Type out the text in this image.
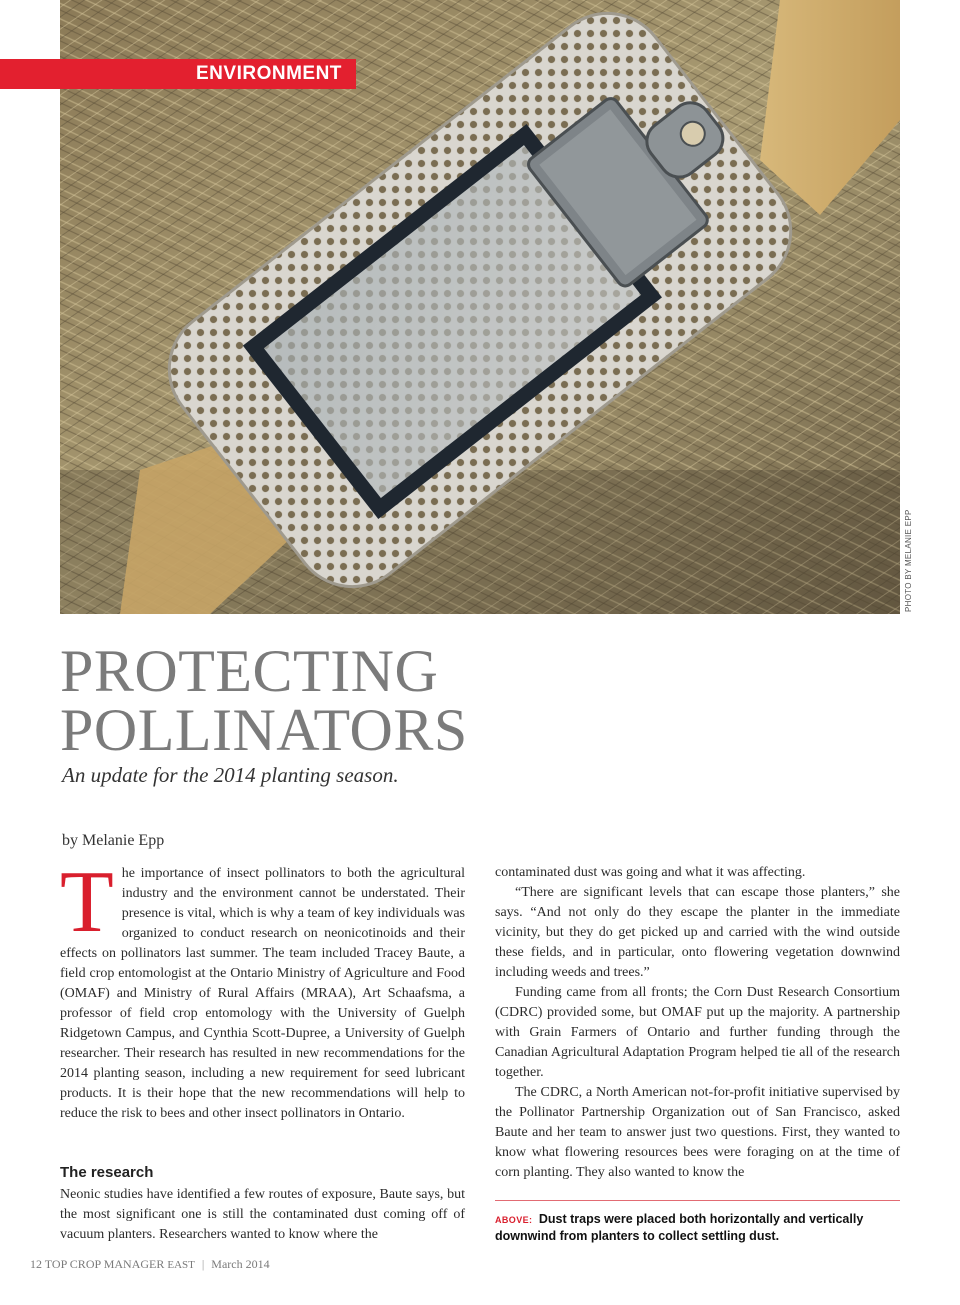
ENVIRONMENT
PHOTO BY MELANIE EPP
PROTECTING
POLLINATORS
An update for the 2014 planting season.
by Melanie Epp

The importance of insect pollinators to both the agricultural industry and the environment cannot be understated. Their presence is vital, which is why a team of key individuals was organized to conduct research on neonicotinoids and their effects on pollinators last summer. The team included Tracey Baute, a field crop entomologist at the Ontario Ministry of Agriculture and Food (OMAF) and Ministry of Rural Affairs (MRAA), Art Schaafsma, a professor of field crop entomology with the University of Guelph Ridgetown Campus, and Cynthia Scott-Dupree, a University of Guelph researcher. Their research has resulted in new recommendations for the 2014 planting season, including a new requirement for seed lubricant products. It is their hope that the new recommendations will help to reduce the risk to bees and other insect pollinators in Ontario.

The research

Neonic studies have identified a few routes of exposure, Baute says, but the most significant one is still the contaminated dust coming off of vacuum planters. Researchers wanted to know where the

contaminated dust was going and what it was affecting.

“There are significant levels that can escape those planters,” she says. “And not only do they escape the planter in the immediate vicinity, but they do get picked up and carried with the wind outside these fields, and in particular, onto flowering vegetation downwind including weeds and trees.”

Funding came from all fronts; the Corn Dust Research Consortium (CDRC) provided some, but OMAF put up the majority. A partnership with Grain Farmers of Ontario and further funding through the Canadian Agricultural Adaptation Program helped tie all of the research together.

The CDRC, a North American not-for-profit initiative supervised by the Pollinator Partnership Organization out of San Francisco, asked Baute and her team to answer just two questions. First, they wanted to know what flowering resources bees were foraging on at the time of corn planting. They also wanted to know the

ABOVE: Dust traps were placed both horizontally and vertically downwind from planters to collect settling dust.
12 TOP CROP MANAGER EAST | March 2014
